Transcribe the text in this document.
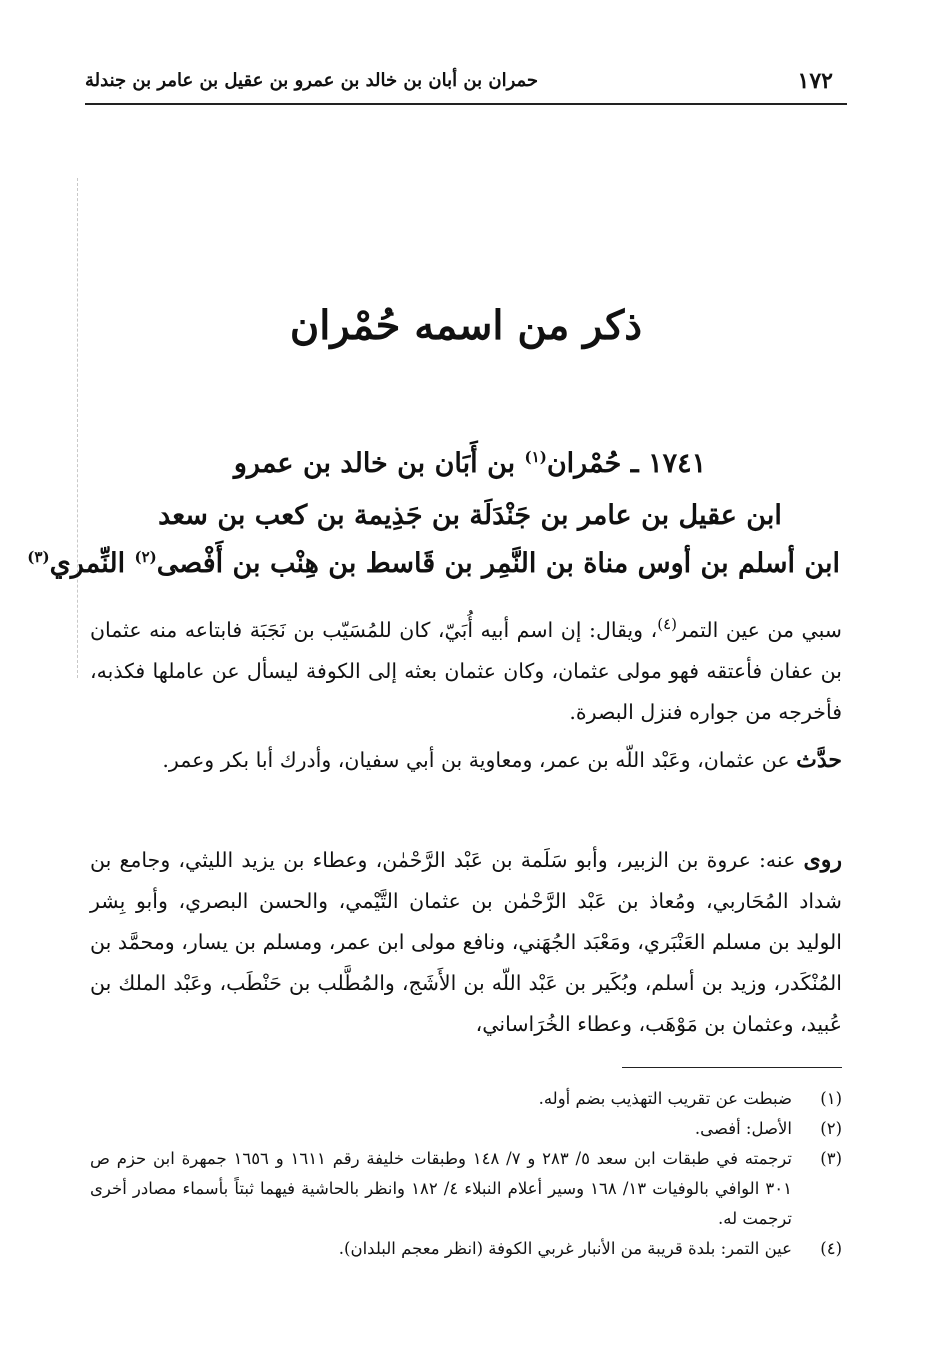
١٧٢
حمران بن أبان بن خالد بن عمرو بن عقيل بن عامر بن جندلة
ذكر من اسمه حُمْران
١٧٤١ ـ حُمْران$^{(١)}$ بن أَبَان بن خالد بن عمرو
ابن عقيل بن عامر بن جَنْدَلَة بن جَذِيمة بن كعب بن سعد
ابن أسلم بن أوس مناة بن النَّمِر بن قَاسط بن هِنْب بن أَفْصى$^{(٢)}$ النِّمري$^{(٣)}$
سبي من عين التمر$^{(٤)}$، ويقال: إن اسم أبيه أُبَيّ، كان للمُسَيّب بن نَجَبَة فابتاعه منه عثمان بن عفان فأعتقه فهو مولى عثمان، وكان عثمان بعثه إلى الكوفة ليسأل عن عاملها فكذبه، فأخرجه من جواره فنزل البصرة.
حدَّث عن عثمان، وعَبْد اللّه بن عمر، ومعاوية بن أبي سفيان، وأدرك أبا بكر وعمر.
روى عنه: عروة بن الزبير، وأبو سَلَمة بن عَبْد الرَّحْمٰن، وعطاء بن يزيد الليثي، وجامع بن شداد المُحَاربي، ومُعاذ بن عَبْد الرَّحْمٰن بن عثمان التَّيْمي، والحسن البصري، وأبو بِشر الوليد بن مسلم العَنْبَري، ومَعْبَد الجُهَني، ونافع مولى ابن عمر، ومسلم بن يسار، ومحمَّد بن المُنْكَدر، وزيد بن أسلم، وبُكَير بن عَبْد اللّه بن الأَشَج، والمُطَّلب بن حَنْطَب، وعَبْد الملك بن عُبيد، وعثمان بن مَوْهَب، وعطاء الخُرَاساني،
(١)
ضبطت عن تقريب التهذيب بضم أوله.
(٢)
الأصل: أفصى.
(٣)
ترجمته في طبقات ابن سعد ٥/ ٢٨٣ و ٧/ ١٤٨ وطبقات خليفة رقم ١٦١١ و ١٦٥٦ جمهرة ابن حزم ص ٣٠١ الوافي بالوفيات ١٣/ ١٦٨ وسير أعلام النبلاء ٤/ ١٨٢ وانظر بالحاشية فيهما ثبتاً بأسماء مصادر أخرى ترجمت له.
(٤)
عين التمر: بلدة قريبة من الأنبار غربي الكوفة (انظر معجم البلدان).
